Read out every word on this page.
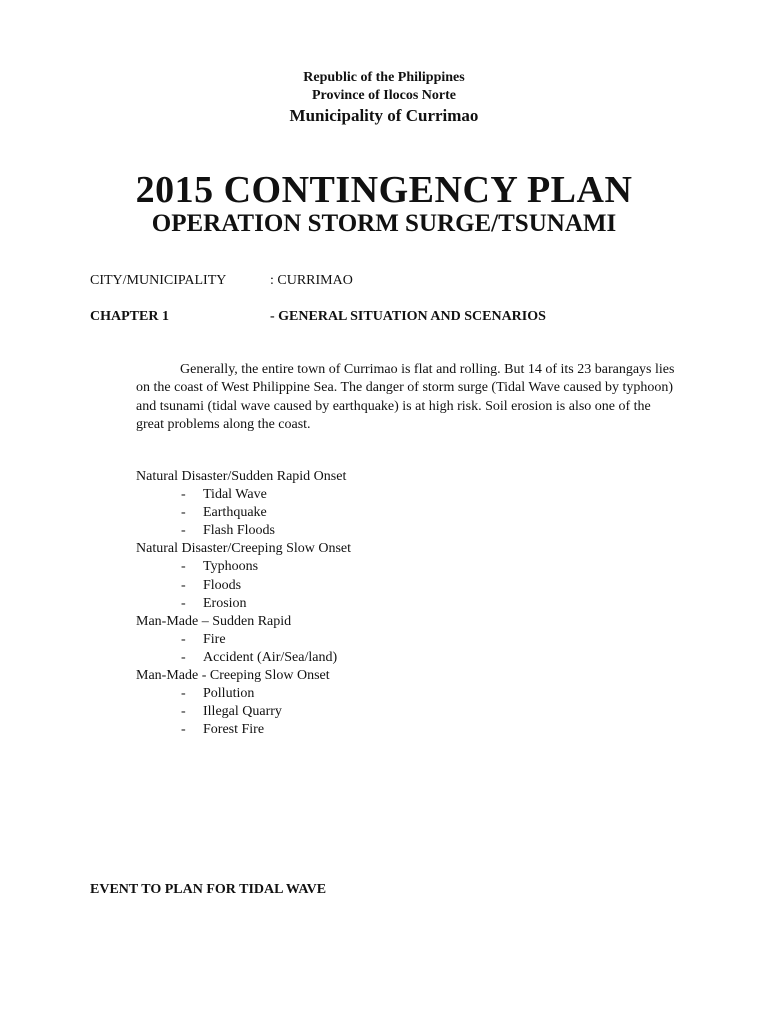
Republic of the Philippines
Province of Ilocos Norte
Municipality of Currimao
2015 CONTINGENCY PLAN
OPERATION STORM SURGE/TSUNAMI
CITY/MUNICIPALITY	: CURRIMAO
CHAPTER 1	- GENERAL SITUATION AND SCENARIOS

Generally, the entire town of Currimao is flat and rolling. But 14 of its 23 barangays lies on the coast of West Philippine Sea. The danger of storm surge (Tidal Wave caused by typhoon) and tsunami (tidal wave caused by earthquake) is at high risk. Soil erosion is also one of the great problems along the coast.

Natural Disaster/Sudden Rapid Onset
- Tidal Wave
- Earthquake
- Flash Floods
Natural Disaster/Creeping Slow Onset
- Typhoons
- Floods
- Erosion
Man-Made – Sudden Rapid
- Fire
- Accident (Air/Sea/land)
Man-Made - Creeping Slow Onset
- Pollution
- Illegal Quarry
- Forest Fire
EVENT TO PLAN FOR TIDAL WAVE
